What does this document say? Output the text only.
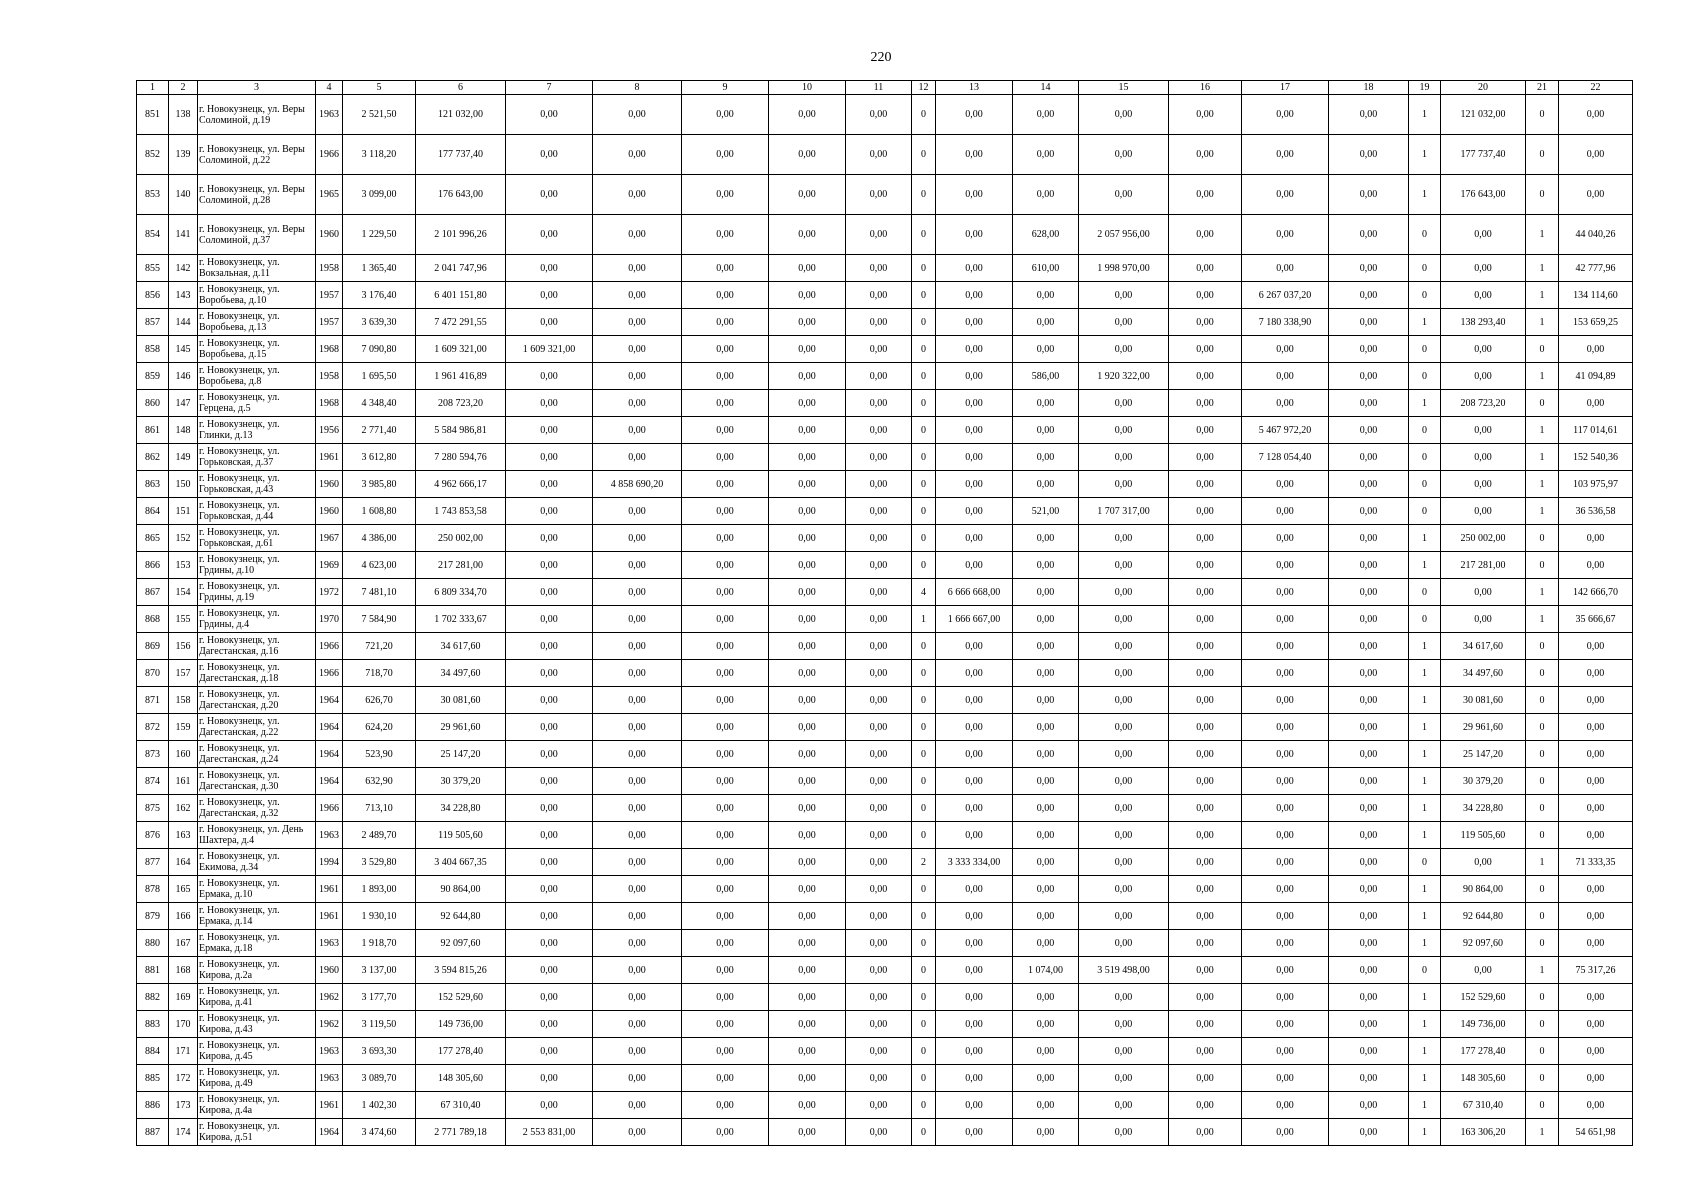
220
1	2	3	4	5	6	7	8	9	10	11	12	13	14	15	16	17	18	19	20	21	22
851	138	г. Новокузнецк, ул. Веры Соломиной, д.19	1963	2 521,50	121 032,00	0,00	0,00	0,00	0,00	0,00	0	0,00	0,00	0,00	0,00	0,00	0,00	1	121 032,00	0	0,00
852	139	г. Новокузнецк, ул. Веры Соломиной, д.22	1966	3 118,20	177 737,40	0,00	0,00	0,00	0,00	0,00	0	0,00	0,00	0,00	0,00	0,00	0,00	1	177 737,40	0	0,00
853	140	г. Новокузнецк, ул. Веры Соломиной, д.28	1965	3 099,00	176 643,00	0,00	0,00	0,00	0,00	0,00	0	0,00	0,00	0,00	0,00	0,00	0,00	1	176 643,00	0	0,00
854	141	г. Новокузнецк, ул. Веры Соломиной, д.37	1960	1 229,50	2 101 996,26	0,00	0,00	0,00	0,00	0,00	0	0,00	628,00	2 057 956,00	0,00	0,00	0,00	0	0,00	1	44 040,26
855	142	г. Новокузнецк, ул. Вокзальная, д.11	1958	1 365,40	2 041 747,96	0,00	0,00	0,00	0,00	0,00	0	0,00	610,00	1 998 970,00	0,00	0,00	0,00	0	0,00	1	42 777,96
856	143	г. Новокузнецк, ул. Воробьева, д.10	1957	3 176,40	6 401 151,80	0,00	0,00	0,00	0,00	0,00	0	0,00	0,00	0,00	0,00	6 267 037,20	0,00	0	0,00	1	134 114,60
857	144	г. Новокузнецк, ул. Воробьева, д.13	1957	3 639,30	7 472 291,55	0,00	0,00	0,00	0,00	0,00	0	0,00	0,00	0,00	0,00	7 180 338,90	0,00	1	138 293,40	1	153 659,25
858	145	г. Новокузнецк, ул. Воробьева, д.15	1968	7 090,80	1 609 321,00	1 609 321,00	0,00	0,00	0,00	0,00	0	0,00	0,00	0,00	0,00	0,00	0,00	0	0,00	0	0,00
859	146	г. Новокузнецк, ул. Воробьева, д.8	1958	1 695,50	1 961 416,89	0,00	0,00	0,00	0,00	0,00	0	0,00	586,00	1 920 322,00	0,00	0,00	0,00	0	0,00	1	41 094,89
860	147	г. Новокузнецк, ул. Герцена, д.5	1968	4 348,40	208 723,20	0,00	0,00	0,00	0,00	0,00	0	0,00	0,00	0,00	0,00	0,00	0,00	1	208 723,20	0	0,00
861	148	г. Новокузнецк, ул. Глинки, д.13	1956	2 771,40	5 584 986,81	0,00	0,00	0,00	0,00	0,00	0	0,00	0,00	0,00	0,00	5 467 972,20	0,00	0	0,00	1	117 014,61
862	149	г. Новокузнецк, ул. Горьковская, д.37	1961	3 612,80	7 280 594,76	0,00	0,00	0,00	0,00	0,00	0	0,00	0,00	0,00	0,00	7 128 054,40	0,00	0	0,00	1	152 540,36
863	150	г. Новокузнецк, ул. Горьковская, д.43	1960	3 985,80	4 962 666,17	0,00	4 858 690,20	0,00	0,00	0,00	0	0,00	0,00	0,00	0,00	0,00	0,00	0	0,00	1	103 975,97
864	151	г. Новокузнецк, ул. Горьковская, д.44	1960	1 608,80	1 743 853,58	0,00	0,00	0,00	0,00	0,00	0	0,00	521,00	1 707 317,00	0,00	0,00	0,00	0	0,00	1	36 536,58
865	152	г. Новокузнецк, ул. Горьковская, д.61	1967	4 386,00	250 002,00	0,00	0,00	0,00	0,00	0,00	0	0,00	0,00	0,00	0,00	0,00	0,00	1	250 002,00	0	0,00
866	153	г. Новокузнецк, ул. Грдины, д.10	1969	4 623,00	217 281,00	0,00	0,00	0,00	0,00	0,00	0	0,00	0,00	0,00	0,00	0,00	0,00	1	217 281,00	0	0,00
867	154	г. Новокузнецк, ул. Грдины, д.19	1972	7 481,10	6 809 334,70	0,00	0,00	0,00	0,00	0,00	4	6 666 668,00	0,00	0,00	0,00	0,00	0,00	0	0,00	1	142 666,70
868	155	г. Новокузнецк, ул. Грдины, д.4	1970	7 584,90	1 702 333,67	0,00	0,00	0,00	0,00	0,00	1	1 666 667,00	0,00	0,00	0,00	0,00	0,00	0	0,00	1	35 666,67
869	156	г. Новокузнецк, ул. Дагестанская, д.16	1966	721,20	34 617,60	0,00	0,00	0,00	0,00	0,00	0	0,00	0,00	0,00	0,00	0,00	0,00	1	34 617,60	0	0,00
870	157	г. Новокузнецк, ул. Дагестанская, д.18	1966	718,70	34 497,60	0,00	0,00	0,00	0,00	0,00	0	0,00	0,00	0,00	0,00	0,00	0,00	1	34 497,60	0	0,00
871	158	г. Новокузнецк, ул. Дагестанская, д.20	1964	626,70	30 081,60	0,00	0,00	0,00	0,00	0,00	0	0,00	0,00	0,00	0,00	0,00	0,00	1	30 081,60	0	0,00
872	159	г. Новокузнецк, ул. Дагестанская, д.22	1964	624,20	29 961,60	0,00	0,00	0,00	0,00	0,00	0	0,00	0,00	0,00	0,00	0,00	0,00	1	29 961,60	0	0,00
873	160	г. Новокузнецк, ул. Дагестанская, д.24	1964	523,90	25 147,20	0,00	0,00	0,00	0,00	0,00	0	0,00	0,00	0,00	0,00	0,00	0,00	1	25 147,20	0	0,00
874	161	г. Новокузнецк, ул. Дагестанская, д.30	1964	632,90	30 379,20	0,00	0,00	0,00	0,00	0,00	0	0,00	0,00	0,00	0,00	0,00	0,00	1	30 379,20	0	0,00
875	162	г. Новокузнецк, ул. Дагестанская, д.32	1966	713,10	34 228,80	0,00	0,00	0,00	0,00	0,00	0	0,00	0,00	0,00	0,00	0,00	0,00	1	34 228,80	0	0,00
876	163	г. Новокузнецк, ул. День Шахтера, д.4	1963	2 489,70	119 505,60	0,00	0,00	0,00	0,00	0,00	0	0,00	0,00	0,00	0,00	0,00	0,00	1	119 505,60	0	0,00
877	164	г. Новокузнецк, ул. Екимова, д.34	1994	3 529,80	3 404 667,35	0,00	0,00	0,00	0,00	0,00	2	3 333 334,00	0,00	0,00	0,00	0,00	0,00	0	0,00	1	71 333,35
878	165	г. Новокузнецк, ул. Ермака, д.10	1961	1 893,00	90 864,00	0,00	0,00	0,00	0,00	0,00	0	0,00	0,00	0,00	0,00	0,00	0,00	1	90 864,00	0	0,00
879	166	г. Новокузнецк, ул. Ермака, д.14	1961	1 930,10	92 644,80	0,00	0,00	0,00	0,00	0,00	0	0,00	0,00	0,00	0,00	0,00	0,00	1	92 644,80	0	0,00
880	167	г. Новокузнецк, ул. Ермака, д.18	1963	1 918,70	92 097,60	0,00	0,00	0,00	0,00	0,00	0	0,00	0,00	0,00	0,00	0,00	0,00	1	92 097,60	0	0,00
881	168	г. Новокузнецк, ул. Кирова, д.2а	1960	3 137,00	3 594 815,26	0,00	0,00	0,00	0,00	0,00	0	0,00	1 074,00	3 519 498,00	0,00	0,00	0,00	0	0,00	1	75 317,26
882	169	г. Новокузнецк, ул. Кирова, д.41	1962	3 177,70	152 529,60	0,00	0,00	0,00	0,00	0,00	0	0,00	0,00	0,00	0,00	0,00	0,00	1	152 529,60	0	0,00
883	170	г. Новокузнецк, ул. Кирова, д.43	1962	3 119,50	149 736,00	0,00	0,00	0,00	0,00	0,00	0	0,00	0,00	0,00	0,00	0,00	0,00	1	149 736,00	0	0,00
884	171	г. Новокузнецк, ул. Кирова, д.45	1963	3 693,30	177 278,40	0,00	0,00	0,00	0,00	0,00	0	0,00	0,00	0,00	0,00	0,00	0,00	1	177 278,40	0	0,00
885	172	г. Новокузнецк, ул. Кирова, д.49	1963	3 089,70	148 305,60	0,00	0,00	0,00	0,00	0,00	0	0,00	0,00	0,00	0,00	0,00	0,00	1	148 305,60	0	0,00
886	173	г. Новокузнецк, ул. Кирова, д.4а	1961	1 402,30	67 310,40	0,00	0,00	0,00	0,00	0,00	0	0,00	0,00	0,00	0,00	0,00	0,00	1	67 310,40	0	0,00
887	174	г. Новокузнецк, ул. Кирова, д.51	1964	3 474,60	2 771 789,18	2 553 831,00	0,00	0,00	0,00	0,00	0	0,00	0,00	0,00	0,00	0,00	0,00	1	163 306,20	1	54 651,98
